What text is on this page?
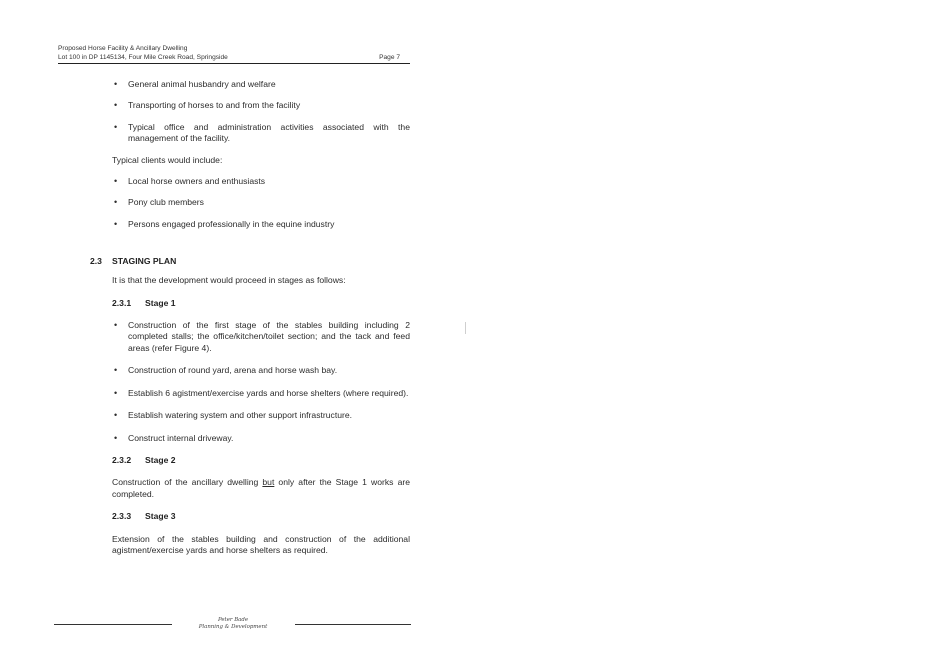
Proposed Horse Facility & Ancillary Dwelling
Lot 100 in DP 1145134, Four Mile Creek Road, Springside	Page 7
• General animal husbandry and welfare
• Transporting of horses to and from the facility
• Typical office and administration activities associated with the management of the facility.
Typical clients would include:
• Local horse owners and enthusiasts
• Pony club members
• Persons engaged professionally in the equine industry
It is that the development would proceed in stages as follows:
2.3.1 Stage 1
• Construction of the first stage of the stables building including 2 completed stalls; the office/kitchen/toilet section; and the tack and feed areas (refer Figure 4).
• Construction of round yard, arena and horse wash bay.
• Establish 6 agistment/exercise yards and horse shelters (where required).
• Establish watering system and other support infrastructure.
• Construct internal driveway.
2.3.2 Stage 2
Construction of the ancillary dwelling but only after the Stage 1 works are completed.
2.3.3 Stage 3
Extension of the stables building and construction of the additional agistment/exercise yards and horse shelters as required.
2.3 STAGING PLAN
Peter Bade
Planning & Development
